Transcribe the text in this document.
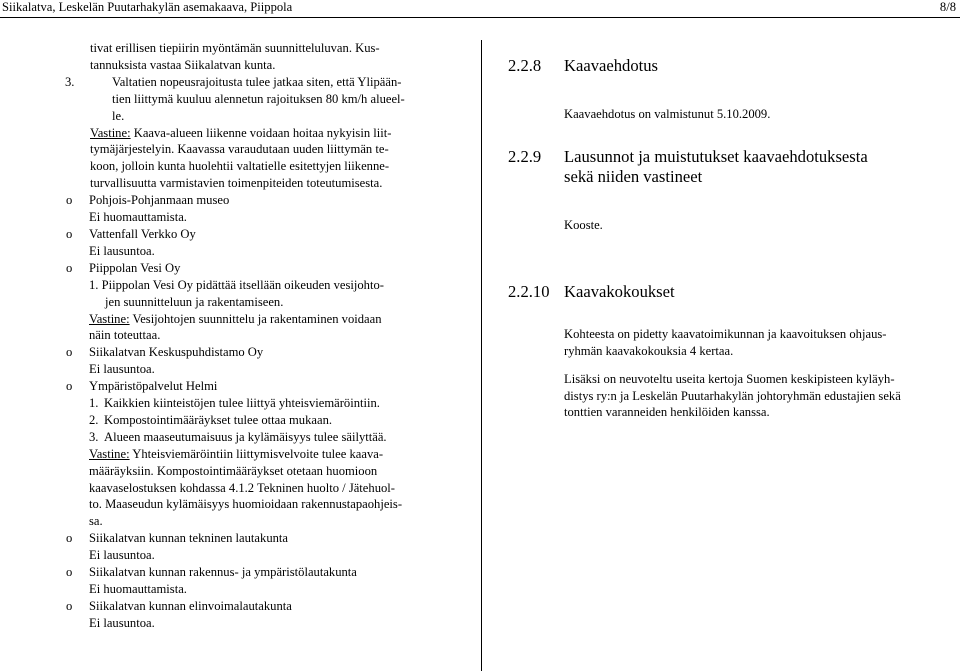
Siikalatva, Leskelän Puutarhakylän asemakaava, Piippola	8/8

tivat erillisen tiepiirin myöntämän suunnitteluluvan. Kus-
tannuksista vastaa Siikalatvan kunta.

3.	Valtatien nopeusrajoitusta tulee jatkaa siten, että Ylipään-
tien liittymä kuuluu alennetun rajoituksen 80 km/h alueel-
le.

Vastine: Kaava-alueen liikenne voidaan hoitaa nykyisin liit-
tymäjärjestelyin. Kaavassa varaudutaan uuden liittymän te-
koon, jolloin kunta huolehtii valtatielle esitettyjen liikenne-
turvallisuutta varmistavien toimenpiteiden toteutumisesta.

o Pohjois-Pohjanmaan museo

Ei huomauttamista.

o Vattenfall Verkko Oy

Ei lausuntoa.

o Piippolan Vesi Oy

1. Piippolan Vesi Oy pidättää itsellään oikeuden vesijohto-
jen suunnitteluun ja rakentamiseen.

Vastine: Vesijohtojen suunnittelu ja rakentaminen voidaan
näin toteuttaa.

o Siikalatvan Keskuspuhdistamo Oy

Ei lausuntoa.

o Ympäristöpalvelut Helmi

1. Kaikkien kiinteistöjen tulee liittyä yhteisviemäröintiin.

2. Kompostointimääräykset tulee ottaa mukaan.

3. Alueen maaseutumaisuus ja kylämäisyys tulee säilyttää.

Vastine: Yhteisviemäröintiin liittymisvelvoite tulee kaava-
määräyksiin. Kompostointimääräykset otetaan huomioon
kaavaselostuksen kohdassa 4.1.2 Tekninen huolto / Jätehuol-
to. Maaseudun kylämäisyys huomioidaan rakennustapaohjeis-
sa.

o Siikalatvan kunnan tekninen lautakunta

Ei lausuntoa.

o Siikalatvan kunnan rakennus- ja ympäristölautakunta

Ei huomauttamista.

o Siikalatvan kunnan elinvoimalautakunta

Ei lausuntoa.

2.2.8 Kaavaehdotus

Kaavaehdotus on valmistunut 5.10.2009.

2.2.9 Lausunnot ja muistutukset kaavaehdotuksesta
sekä niiden vastineet

Kooste.

2.2.10 Kaavakokoukset

Kohteesta on pidetty kaavatoimikunnan ja kaavoituksen ohjaus-
ryhmän kaavakokouksia 4 kertaa.

Lisäksi on neuvoteltu useita kertoja Suomen keskipisteen kyläyh-
distys ry:n ja Leskelän Puutarhakylän johtoryhmän edustajien sekä
tonttien varanneiden henkilöiden kanssa.
